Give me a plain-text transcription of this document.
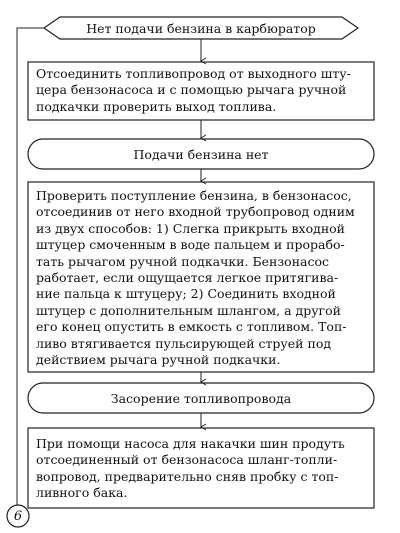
Нет подачи бензина в карбюратор
Отсоединить топливопровод от выходного шту-
цера бензонасоса и с помощью рычага ручной
подкачки проверить выход топлива.
Подачи бензина нет
Проверить поступление бензина, в бензонасос,
отсоединив от него входной трубопровод одним
из двух способов: 1) Слегка прикрыть входной
штуцер смоченным в воде пальцем и прорабо-
тать рычагом ручной подкачки. Бензонасос
работает, если ощущается легкое притягива-
ние пальца к штуцеру; 2) Соединить входной
штуцер с дополнительным шлангом, а другой
его конец опустить в емкость с топливом. Топ-
ливо втягивается пульсирующей струей под
действием рычага ручной подкачки.
Засорение топливопровода
При помощи насоса для накачки шин продуть
отсоединенный от бензонасоса шланг-топли-
вопровод, предварительно сняв пробку с топ-
ливного бака.
6
